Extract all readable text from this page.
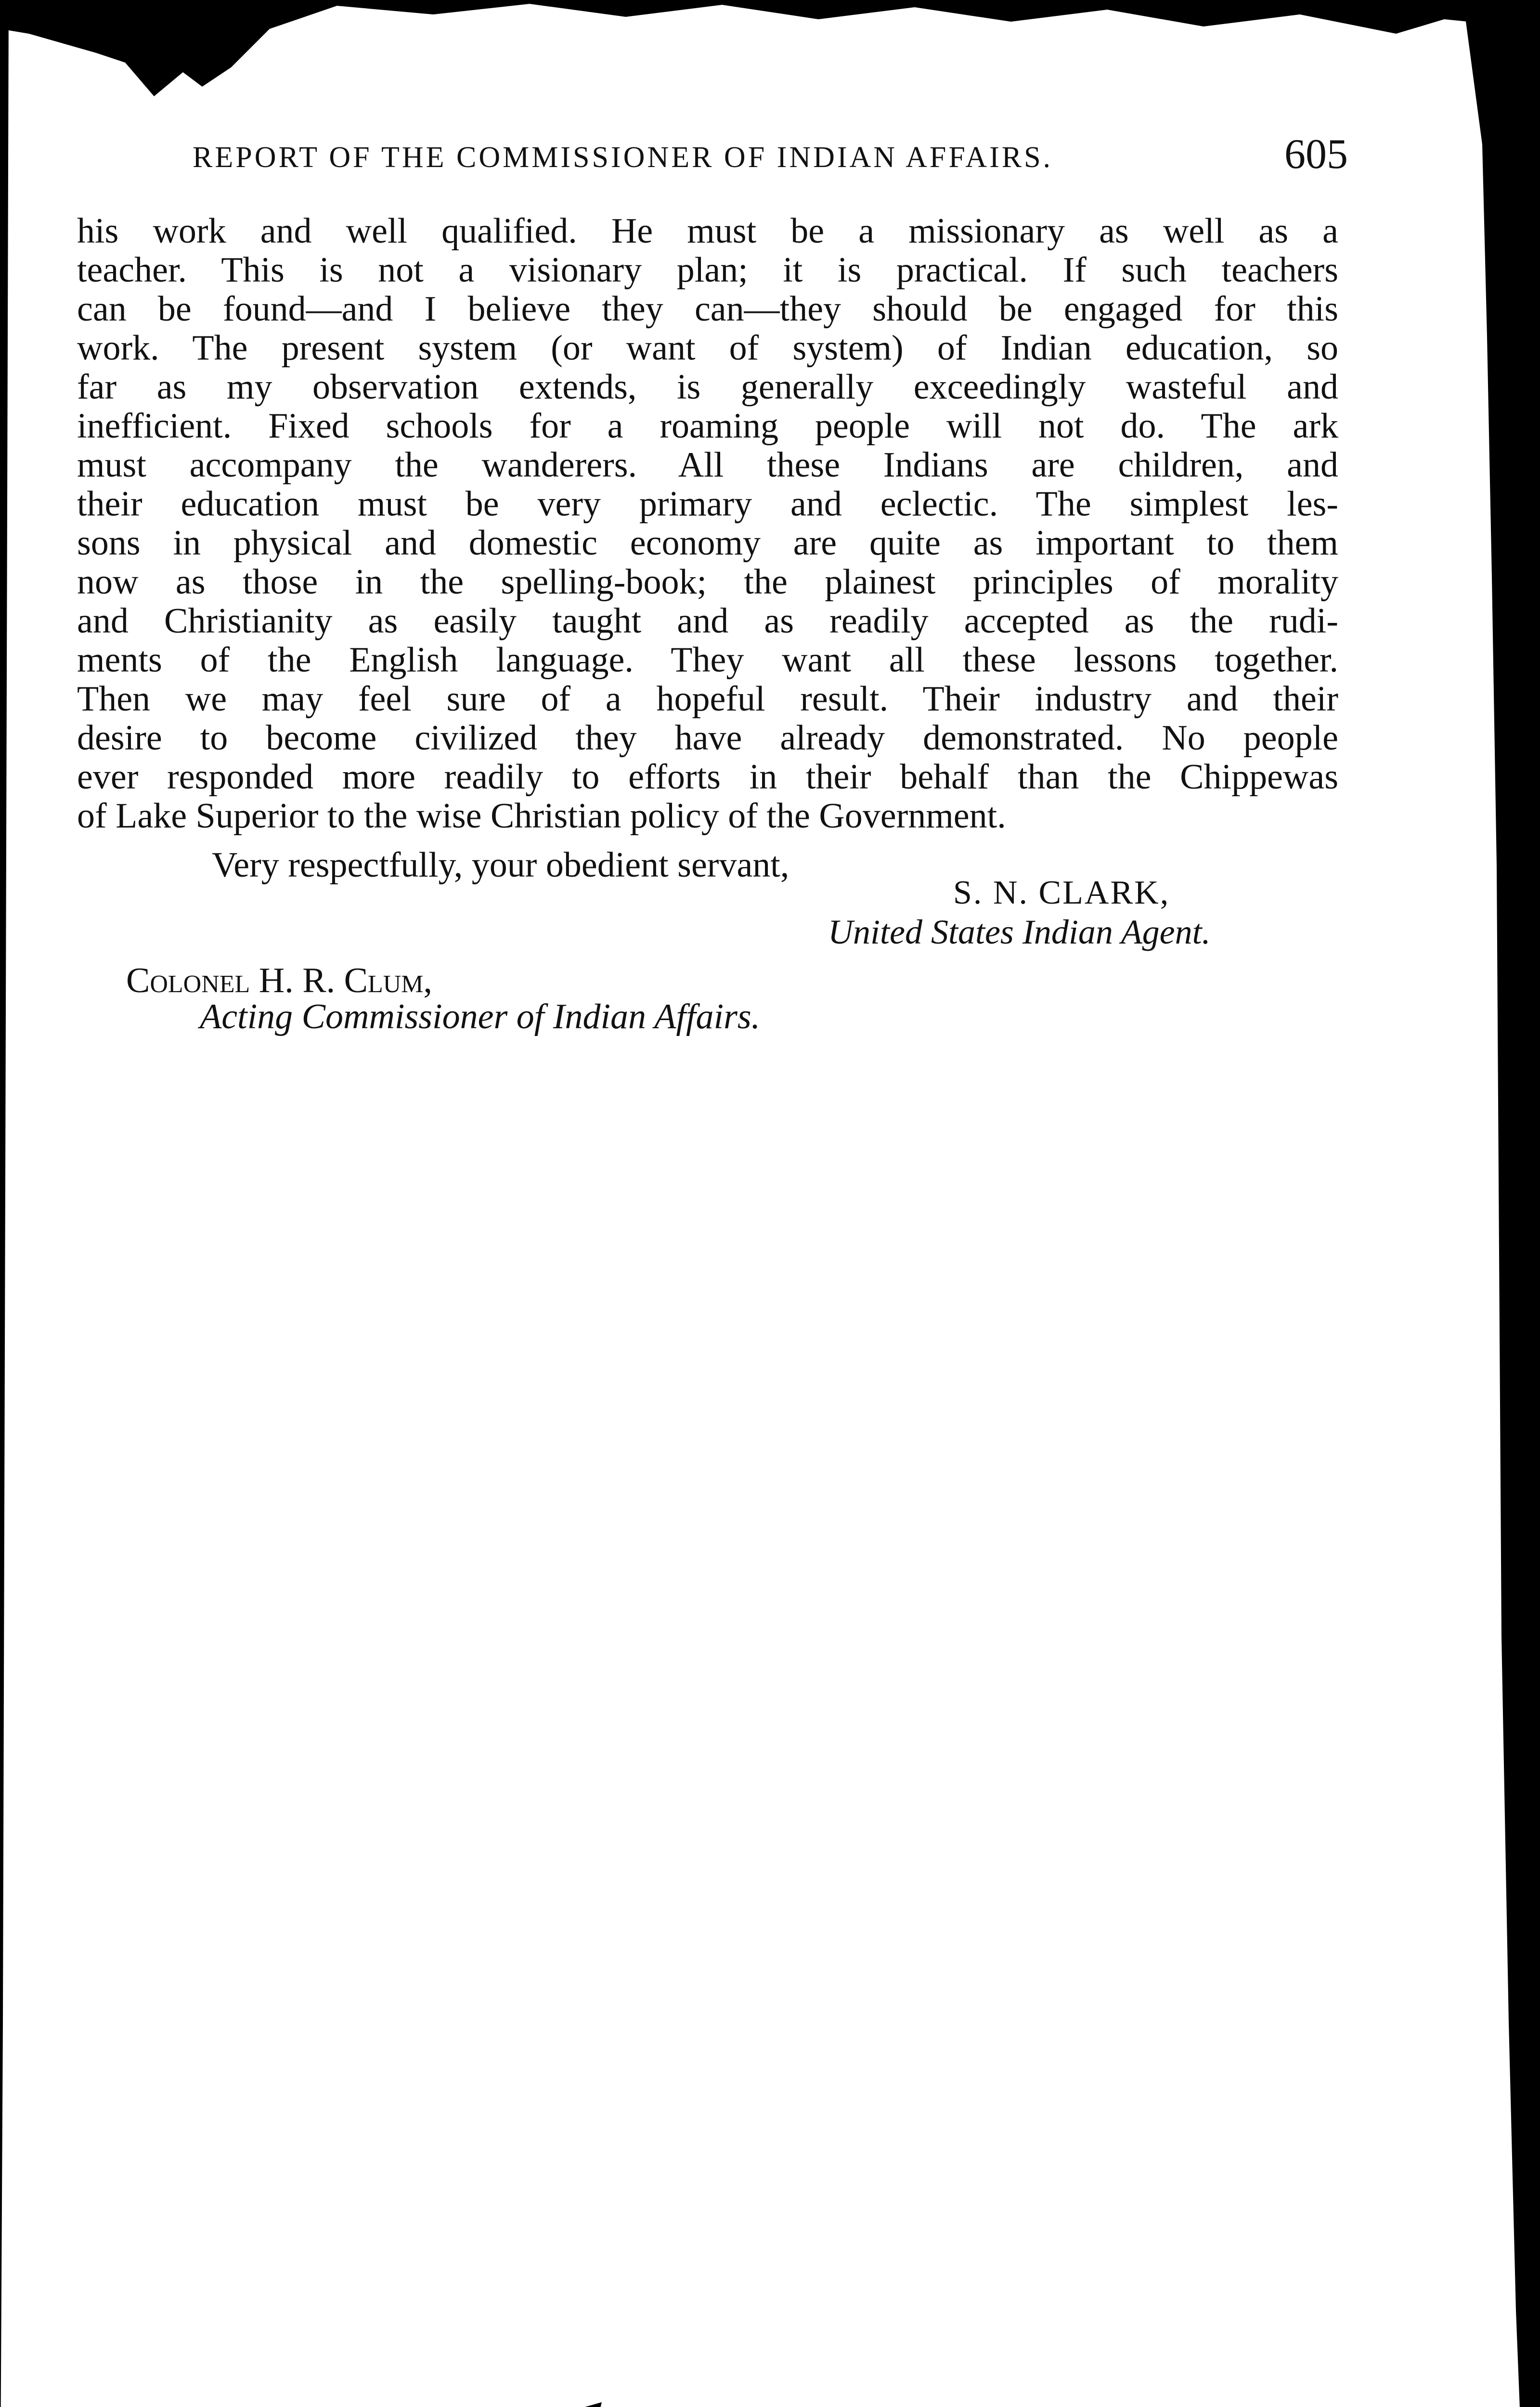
REPORT OF THE COMMISSIONER OF INDIAN AFFAIRS.	605
his work and well qualified. He must be a missionary as well as a
teacher. This is not a visionary plan; it is practical. If such teachers
can be found—and I believe they can—they should be engaged for this
work. The present system (or want of system) of Indian education, so
far as my observation extends, is generally exceedingly wasteful and
inefficient. Fixed schools for a roaming people will not do. The ark
must accompany the wanderers. All these Indians are children, and
their education must be very primary and eclectic. The simplest les-
sons in physical and domestic economy are quite as important to them
now as those in the spelling-book; the plainest principles of morality
and Christianity as easily taught and as readily accepted as the rudi-
ments of the English language. They want all these lessons together.
Then we may feel sure of a hopeful result. Their industry and their
desire to become civilized they have already demonstrated. No people
ever responded more readily to efforts in their behalf than the Chippewas
of Lake Superior to the wise Christian policy of the Government.
Very respectfully, your obedient servant,
S. N. CLARK,
United States Indian Agent.
Colonel H. R. Clum,
Acting Commissioner of Indian Affairs.
